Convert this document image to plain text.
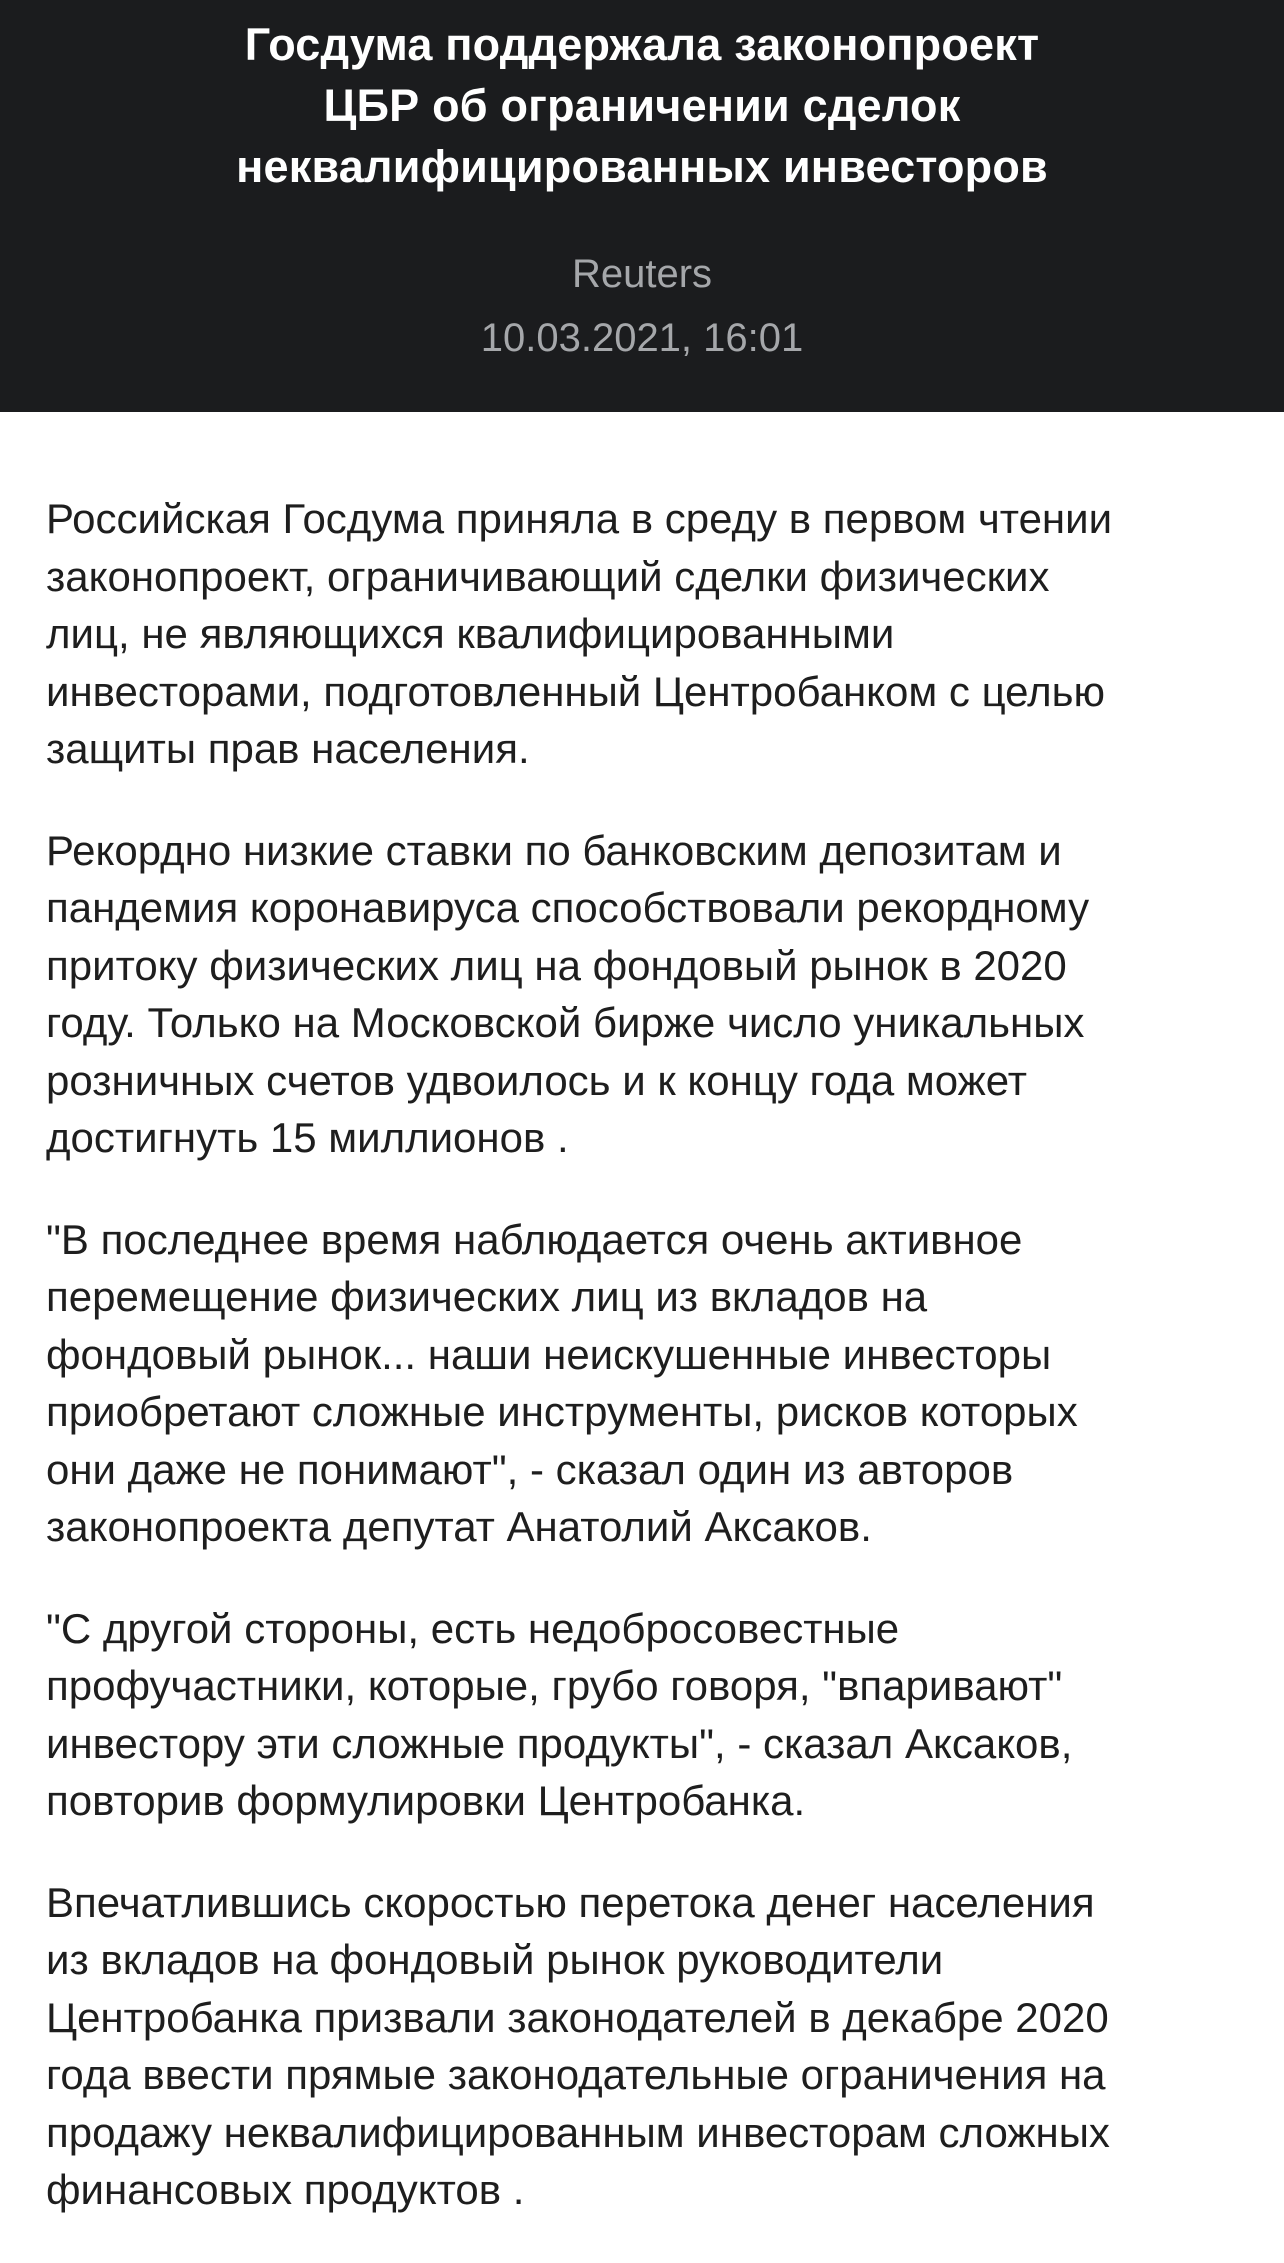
Госдума поддержала законопроект
ЦБР об ограничении сделок
неквалифицированных инвесторов
Reuters
10.03.2021, 16:01

Российская Госдума приняла в среду в первом чтении
законопроект, ограничивающий сделки физических
лиц, не являющихся квалифицированными
инвесторами, подготовленный Центробанком с целью
защиты прав населения.

Рекордно низкие ставки по банковским депозитам и
пандемия коронавируса способствовали рекордному
притоку физических лиц на фондовый рынок в 2020
году. Только на Московской бирже число уникальных
розничных счетов удвоилось и к концу года может
достигнуть 15 миллионов .

"В последнее время наблюдается очень активное
перемещение физических лиц из вкладов на
фондовый рынок... наши неискушенные инвесторы
приобретают сложные инструменты, рисков которых
они даже не понимают", - сказал один из авторов
законопроекта депутат Анатолий Аксаков.

"С другой стороны, есть недобросовестные
профучастники, которые, грубо говоря, "впаривают"
инвестору эти сложные продукты", - сказал Аксаков,
повторив формулировки Центробанка.

Впечатлившись скоростью перетока денег населения
из вкладов на фондовый рынок руководители
Центробанка призвали законодателей в декабре 2020
года ввести прямые законодательные ограничения на
продажу неквалифицированным инвесторам сложных
финансовых продуктов .
